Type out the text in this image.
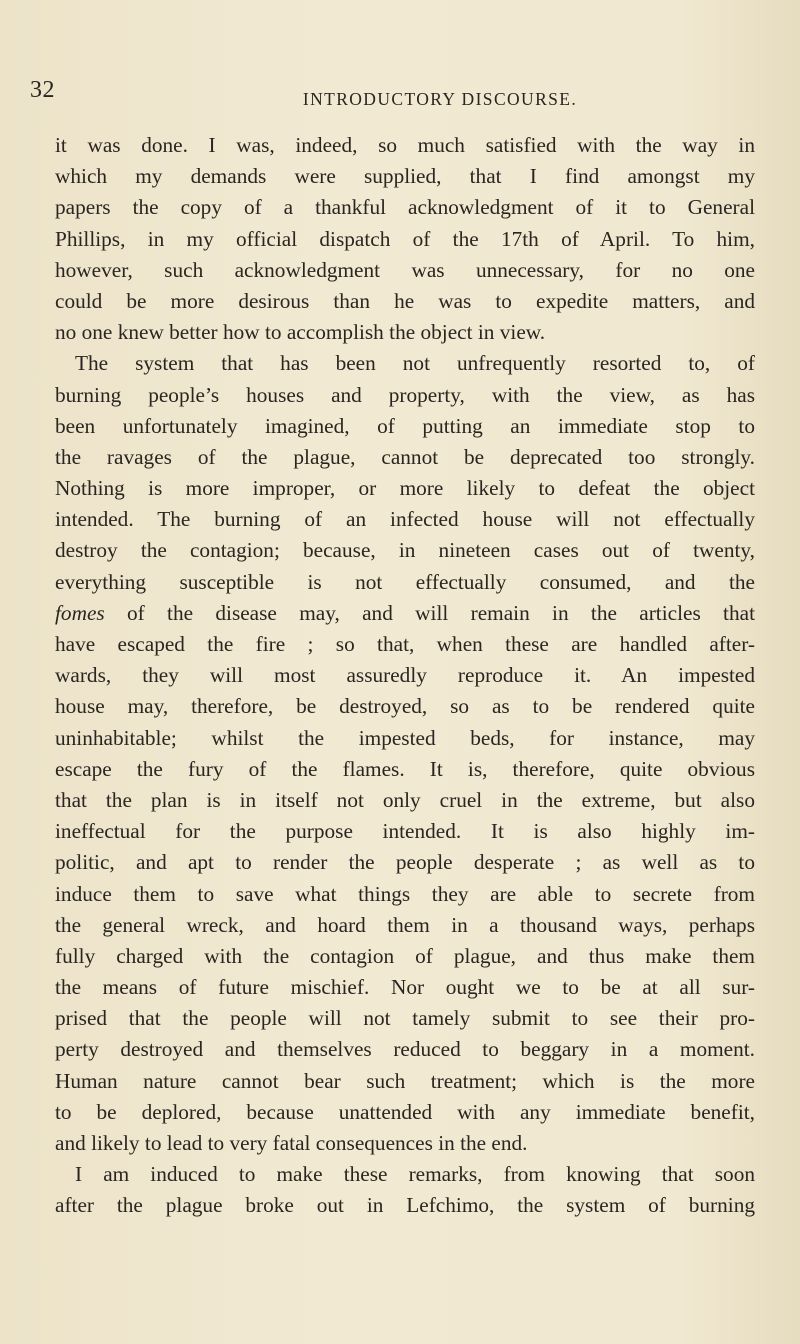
32	INTRODUCTORY DISCOURSE.
it was done. I was, indeed, so much satisfied with the way in
which my demands were supplied, that I find amongst my
papers the copy of a thankful acknowledgment of it to General
Phillips, in my official dispatch of the 17th of April. To him,
however, such acknowledgment was unnecessary, for no one
could be more desirous than he was to expedite matters, and
no one knew better how to accomplish the object in view.
The system that has been not unfrequently resorted to, of
burning people’s houses and property, with the view, as has
been unfortunately imagined, of putting an immediate stop to
the ravages of the plague, cannot be deprecated too strongly.
Nothing is more improper, or more likely to defeat the object
intended. The burning of an infected house will not effectually
destroy the contagion; because, in nineteen cases out of twenty,
everything susceptible is not effectually consumed, and the
fomes of the disease may, and will remain in the articles that
have escaped the fire ; so that, when these are handled after-
wards, they will most assuredly reproduce it. An impested
house may, therefore, be destroyed, so as to be rendered quite
uninhabitable; whilst the impested beds, for instance, may
escape the fury of the flames. It is, therefore, quite obvious
that the plan is in itself not only cruel in the extreme, but also
ineffectual for the purpose intended. It is also highly im-
politic, and apt to render the people desperate ; as well as to
induce them to save what things they are able to secrete from
the general wreck, and hoard them in a thousand ways, perhaps
fully charged with the contagion of plague, and thus make them
the means of future mischief. Nor ought we to be at all sur-
prised that the people will not tamely submit to see their pro-
perty destroyed and themselves reduced to beggary in a moment.
Human nature cannot bear such treatment; which is the more
to be deplored, because unattended with any immediate benefit,
and likely to lead to very fatal consequences in the end.
I am induced to make these remarks, from knowing that soon
after the plague broke out in Lefchimo, the system of burning
